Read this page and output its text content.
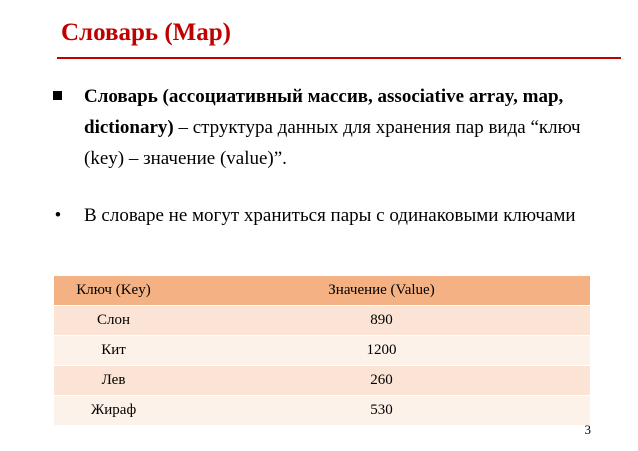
Словарь (Map)
Словарь (ассоциативный массив, associative array, map, dictionary) – структура данных для хранения пар вида “ключ (key) – значение (value)”.
•	В словаре не могут храниться пары с одинаковыми ключами
Ключ (Key)	Значение (Value)
Слон	890
Кит	1200
Лев	260
Жираф	530
3
